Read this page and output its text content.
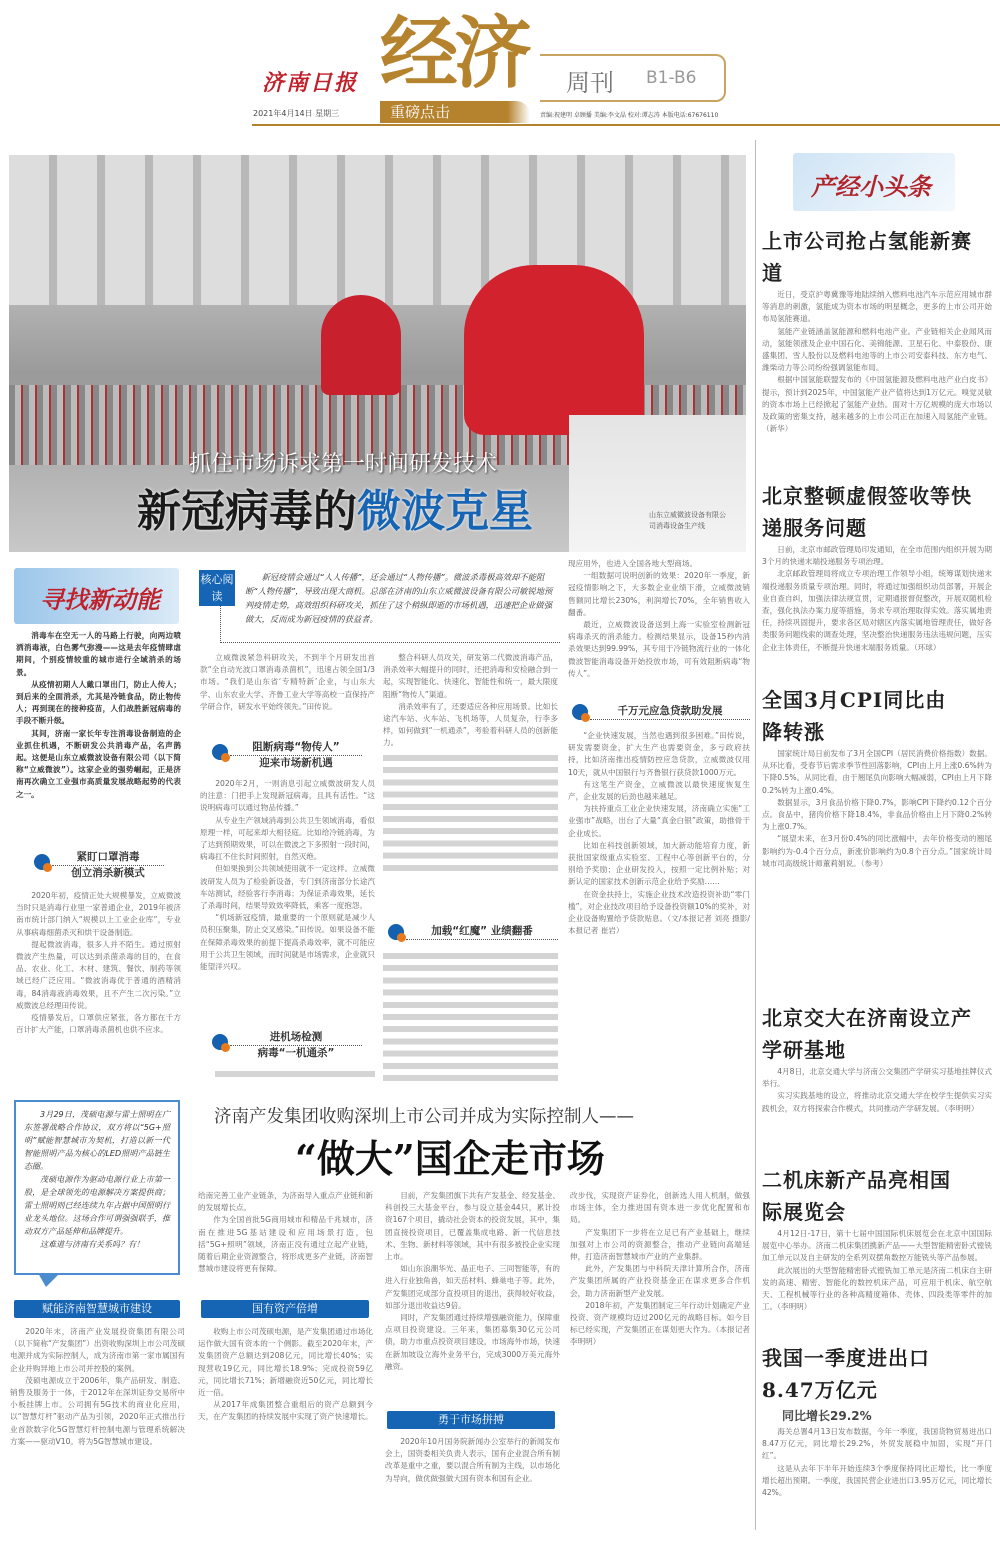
济南日报 经济 周刊 B1-B6
重磅点击
2021年4月14日 星期三	责编:祝建明 卓顾播 美编:李文晶 校对:谭志涛 本版电话:67676110
抓住市场诉求第一时间研发技术
新冠病毒的微波克星	山东立威微波设备有限公司消毒设备生产线
寻找新动能

消毒车在空无一人的马路上行驶，向两边喷洒消毒液，白色雾气弥漫——这是去年疫情肆虐期间，个别疫情较重的城市进行全域消杀的场景。

从疫情初期人人戴口罩出门，防止人传人；到后来的全面消杀，尤其是冷链食品，防止物传人；再到现在的接种疫苗，人们战胜新冠病毒的手段不断升级。

其间，济南一家长年专注消毒设备制造的企业抓住机遇，不断研发公共消毒产品，名声鹊起。这便是山东立威微波设备有限公司（以下简称“立威微波”）。这家企业的强势崛起，正是济南再次确立工业强市高质量发展战略起势的代表之一。

紧盯口罩消毒
创立消杀新模式

2020年初，疫情正处大规模暴发，立威微波当时只是消毒行业里一家普通企业，2019年被济南市统计部门纳入“规模以上工业企业库”，专业从事病毒细菌杀灭和烘干设备制造。

提起微波消毒，很多人并不陌生。通过照射微波产生热量，可以达到杀菌杀毒的目的，在食品、农业、化工、木材、建筑、餐饮、制药等领域已经广泛应用。“微波消毒优于普通的酒精消毒，84消毒液消毒效果，且不产生二次污染。”立威微波总经理田传说。

疫情暴发后，口罩供应紧张，各方都在千方百计扩大产能，口罩消毒杀菌机也供不应求。

核心阅读
新冠疫情会通过“人人传播”，还会通过“人物传播”。微波杀毒极高效却不能阻断“人物传播”，导致出现大商机。总部在济南的山东立威微波设备有限公司敏锐地预判疫情走势，高效组织科研攻关，抓住了这个稍纵即逝的市场机遇，迅速把企业做强做大，反而成为新冠疫情的获益者。

立威微波紧急科研攻关，不到半个月研发出首款“全自动光波口罩消毒杀菌机”，迅速占领全国1/3市场。“我们是山东省‘专精特新’企业，与山东大学、山东农业大学、齐鲁工业大学等高校一直保持产学研合作，研发水平始终领先。”田传说。

阻断病毒“物传人”
迎来市场新机遇

2020年2月，一则消息引起立威微波研发人员的注意：门把手上发现新冠病毒，且具有活性。“这说明病毒可以通过物品传播。”

从专业生产领域消毒到公共卫生领域消毒，看似原理一样，可起来却大相径庭。比如给冷链消毒，为了达到预期效果，可以在微波之下多照射一段时间，病毒扛不住长时间照射，自然灭绝。

但如果换到公共领域使用就不一定这样。立威微波研发人员为了检验新设备，专门到济南部分长途汽车站测试，经验客行李消毒；为保证杀毒效果，延长了杀毒时间，结果导致效率降低，乘客一度抱怨。

“机场新冠疫情，最重要的一个原则就是减少人员积压聚集，防止交叉感染。”田传说。如果设备不能在保障杀毒效果的前提下提高杀毒效率，就不可能应用于公共卫生领域，而时间就是市场需求，企业就只能望洋兴叹。

进机场检测
病毒“一机通杀”

整合科研人员攻关，研发第二代微波消毒产品，消杀效率大幅提升的同时，还把消毒和安检融合到一起，实现智能化、快速化、智能性和统一，最大限度阻断“物传人”渠道。

消杀效率有了，还要适应各种应用场景。比如长途汽车站、火车站、飞机场等，人员复杂，行李多样，如何做到“一机通杀”，考验着科研人员的创新能力。

加载“红魔” 业绩翻番

现应用外，也进入全国各地大型商场。

一组数据可说明创新的效果：2020年一季度，新冠疫情影响之下，大多数企业业绩下滑，立威微波销售额同比增长230%，利润增长70%，全年销售收入翻番。

最近，立威微波设备送到上海一实验室检测新冠病毒杀灭的消杀能力。检测结果显示，设备15秒内消杀效果达到99.99%，其专用于冷链物流行业的一体化微波智能消毒设备开始投放市场，可有效阻断病毒“物传人”。

千万元应急贷款助发展

“企业快速发展，当然也遇到很多困难。”田传说，研发需要资金，扩大生产也需要资金，多亏政府扶持，比如济南推出疫情防控应急贷款，立威微波仅用10天，就从中国银行与齐鲁银行获贷款1000万元。

有这笔生产资金，立威微波以最快速度恢复生产，企业发展的后劲也越来越足。

为扶持重点工业企业快速发展，济南确立实施“工业强市”战略，出台了大量“真金白银”政策，助推骨干企业成长。

比如在科技创新领域，加大新动能培育力度，新获批国家级重点实验室、工程中心等创新平台的，分别给予奖励；企业研发投入，按照一定比例补贴；对新认定的国家技术创新示范企业给予奖励……

在资金扶持上，实施企业技术改造投资补助“零门槛”，对企业技改项目给予设备投资额10%的奖补，对企业设备购置给予贷款贴息。（文/本报记者 刘亮 摄影/本报记者 崔岩）

产经小头条
上市公司抢占氢能新赛道

近日，受京沪粤冀豫等地陆续纳入燃料电池汽车示范应用城市群等消息的刺激，氢能成为资本市场的明星概念，更多的上市公司开始布局氢能赛道。

氢能产业链涵盖氢能源和燃料电池产业。产业链相关企业闻风而动，氢能领涨及企业中国石化、美锦能源、卫星石化、中泰股份、康盛集团、雪人股份以及燃料电池等的上市公司安泰科技、东方电气、潍柴动力等公司纷纷强调氢能布局。

根据中国氢能联盟发布的《中国氢能源及燃料电池产业白皮书》提示，预计到2025年，中国氢能产业产值将达到1万亿元。嗅觉灵敏的资本市场上已经掀起了氢能产业热。面对十万亿规模的庞大市场以及政策的密集支持，越来越多的上市公司正在加速入局氢能产业链。（新华）

北京整顿虚假签收等快递服务问题

日前，北京市邮政管理局印发通知，在全市范围内组织开展为期3个月的快递末端投递服务专项治理。

北京邮政管理局将成立专项治理工作领导小组，统筹谋划快递末端投递服务质量专项治理。同时，将通过加强组织动员部署，开展企业自查自纠，加强法律法规宣贯，定期通报督促整改，开展双随机检查，强化执法办案力度等措施，务求专项治理取得实效。落实属地责任，持续巩固提升，要求各区局对辖区内落实属地管理责任，做好各类服务问题线索的调查处理，坚决整治快递服务违法违规问题，压实企业主体责任，不断提升快递末端服务质量。（环球）

全国3月CPI同比由降转涨

国家统计局日前发布了3月全国CPI（居民消费价格指数）数据。从环比看，受春节后需求季节性回落影响，CPI由上月上涨0.6%转为下降0.5%。从同比看，由于翘尾负向影响大幅减弱，CPI由上月下降0.2%转为上涨0.4%。

数据显示，3月食品价格下降0.7%，影响CPI下降约0.12个百分点。食品中，猪肉价格下降18.4%，非食品价格由上月下降0.2%转为上涨0.7%。

“展望未来，在3月份0.4%的同比涨幅中，去年价格变动的翘尾影响约为-0.4个百分点，新涨价影响约为0.8个百分点。”国家统计局城市司高级统计师董莉娟说。（参考）

北京交大在济南设立产学研基地

4月8日，北京交通大学与济南公交集团产学研实习基地挂牌仪式举行。

实习实践基地的设立，将推动北京交通大学在校学生提供实习实践机会，双方将探索合作模式，共同推动产学研发展。（李明明）

二机床新产品亮相国际展览会

4月12日-17日，第十七届中国国际机床展览会在北京中国国际展览中心举办。济南二机床集团携新产品——大型智能精密卧式镗铣加工单元以及自主研发的全系列双摆角数控万能铣头等产品参展。

此次展出的大型智能精密卧式镗铣加工单元是济南二机床自主研发的高速、精密、智能化的数控机床产品，可应用于机床、航空航天、工程机械等行业的各种高精度箱体、壳体、四段类等零件的加工。（李明明）

我国一季度进出口8.47万亿元
同比增长29.2%

海关总署4月13日发布数据，今年一季度，我国货物贸易进出口8.47万亿元，同比增长29.2%，外贸发展稳中加固，实现“开门红”。

这是从去年下半年开始连续3个季度保持同比正增长，比一季度增长超出预期。一季度，我国民营企业进出口3.95万亿元，同比增长42%。

3月29日，茂硕电源与雷士照明在广东签署战略合作协议，双方将以“5G+照明”赋能智慧城市为契机，打造以新一代智能照明产品为核心的LED照明产品链生态圈。

茂硕电源作为驱动电源行业上市第一股，是全球领先的电源解决方案提供商；雷士照明则已经连续九年占据中国照明行业龙头地位。这场合作可谓强强联手，推动双方产品延伸和品牌提升。

这难道与济南有关系吗？有！

赋能济南智慧城市建设

2020年末，济南产业发展投资集团有限公司（以下简称“产发集团”）出资收购深圳上市公司茂硕电源并成为实际控制人，成为济南市第一家市属国有企业并购异地上市公司并控股的案例。

茂硕电源成立于2006年，集产品研发、制造、销售及服务于一体，于2012年在深圳证券交易所中小板挂牌上市。公司拥有5G技术的商业化应用，以“智慧灯杆”驱动产品为引领，2020年正式推出行业首款数字化5G智慧灯杆控制电源与管理系统解决方案——驱动V10。将为5G智慧城市建设。

济南产发集团收购深圳上市公司并成为实际控制人——
“做大”国企走市场

给南完善工业产业链条，为济南导入重点产业链和新的发展增长点。

作为全国首批5G商用城市和精品千兆城市，济南在推进5G基站建设和应用场景打造，包括“5G+照明”领域，济南正没有通过立起产业链，随着后期企业资源整合，将形成更多产业链，济南智慧城市建设将更有保障。

国有资产倍增

收购上市公司茂硕电源，是产发集团通过市场化运作做大国有资本的一个侧影。截至2020年末，产发集团资产总额达到208亿元，同比增长40%；实现营收19亿元，同比增长18.9%；完成投资59亿元，同比增长71%；新增融资近50亿元，同比增长近一倍。

从2017年成集团整合重组后的资产总额到今天，在产发集团的持续发展中实现了资产快速增长。

目前，产发集团旗下共有产发基金、经发基金、科创投三大基金平台，参与设立基金44只，累计投资167个项目，撬动社会资本的投资发展，其中，集团直接投资项目，已覆盖集成电路、新一代信息技术、生物、新材料等领域，其中有很多被投企业实现上市。

如山东浪潮华光、晶正电子、三同智能等，有的进入行业独角兽，如天岳材料、蜂巢电子等。此外，产发集团完成部分直投项目的退出，获得较好收益，如部分退出收益达9倍。

同时，产发集团通过持续增强融资能力，保障重点项目投资建设。三年来，集团募集30亿元公司债，助力市重点投资项目建设，市场海外市场，快速在新加坡设立海外业务平台，完成3000万美元海外融资。

勇于市场拼搏

2020年10月国务院新闻办公室举行的新闻发布会上，国资委相关负责人表示，国有企业混合所有制改革是重中之重，要以混合所有制为主线，以市场化为导向，做优做强做大国有资本和国有企业。

改步伐，实现资产证券化，创新选人用人机制，做强市场主体，全力推进国有资本进一步优化配置和布局。

产发集团下一步将在立足已有产业基础上，继续加强对上市公司的资源整合，推动产业链向高端延伸，打造济南智慧城市产业的产业集群。

此外，产发集团与中科院天津计算所合作，济南产发集团所属的产业投资基金正在谋求更多合作机会，助力济南新型产业发展。

2018年初，产发集团制定三年行动计划确定产业投资、资产规模均迈过200亿元的战略目标。如今目标已经实现，产发集团正在谋划更大作为。（本报记者 李明明）
